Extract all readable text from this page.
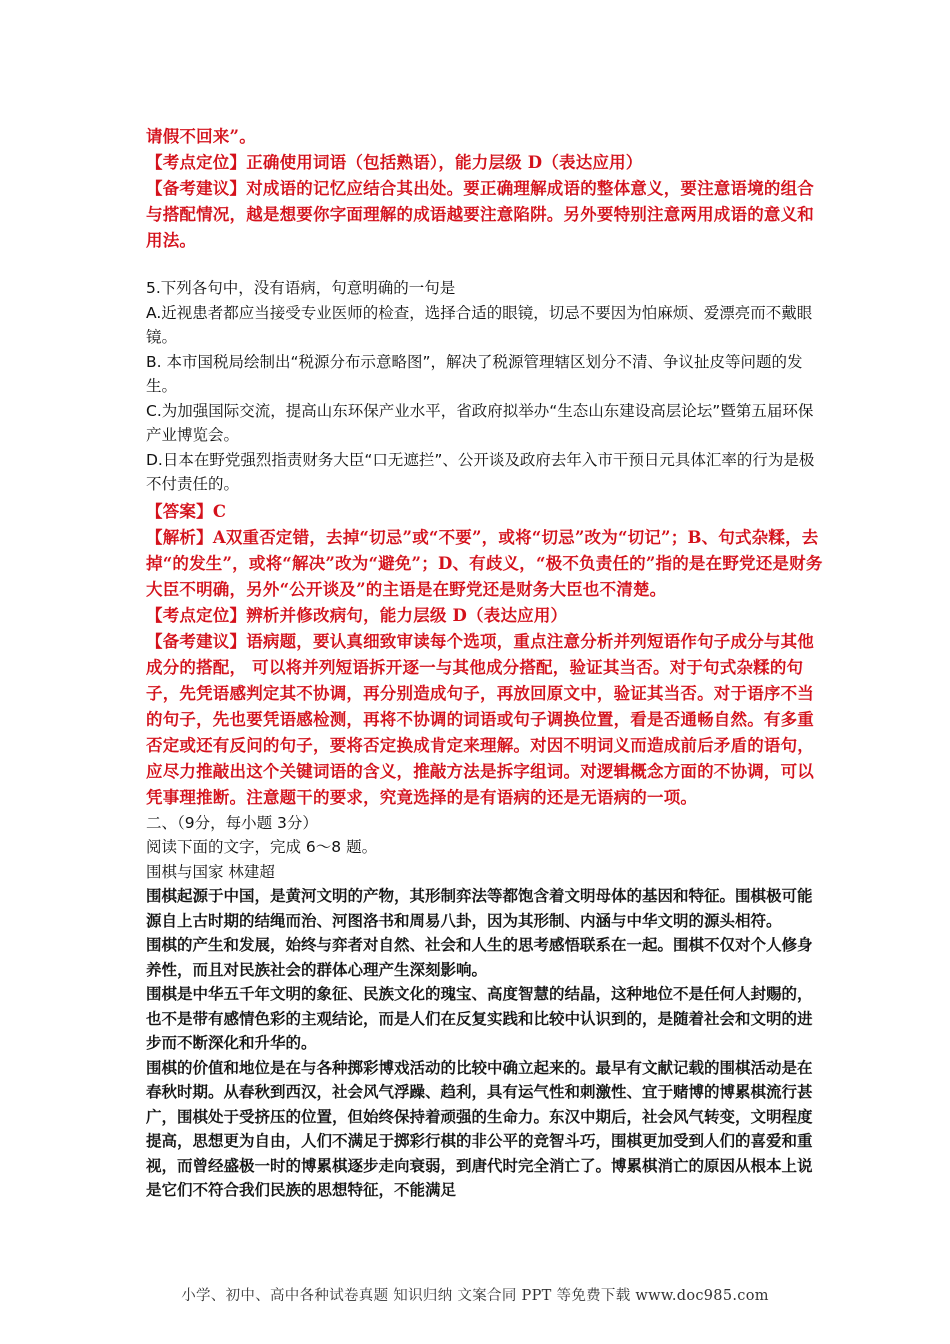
请假不回来”。

【考点定位】正确使用词语（包括熟语），能力层级 D（表达应用）

【备考建议】对成语的记忆应结合其出处。要正确理解成语的整体意义，要注意语境的组合与搭配情况，越是想要你字面理解的成语越要注意陷阱。另外要特别注意两用成语的意义和用法。

5.下列各句中，没有语病，句意明确的一句是

A.近视患者都应当接受专业医师的检查，选择合适的眼镜，切忌不要因为怕麻烦、爱漂亮而不戴眼镜。

B. 本市国税局绘制出“税源分布示意略图”，解决了税源管理辖区划分不清、争议扯皮等问题的发生。

C.为加强国际交流，提高山东环保产业水平，省政府拟举办“生态山东建设高层论坛”暨第五届环保产业博览会。

D.日本在野党强烈指责财务大臣“口无遮拦”、公开谈及政府去年入市干预日元具体汇率的行为是极不付责任的。

【答案】C

【解析】A双重否定错，去掉“切忌”或“不要”，或将“切忌”改为“切记”；B、句式杂糅，去掉“的发生”，或将“解决”改为“避免”；D、有歧义，“极不负责任的”指的是在野党还是财务大臣不明确，另外“公开谈及”的主语是在野党还是财务大臣也不清楚。

【考点定位】辨析并修改病句，能力层级 D（表达应用）

【备考建议】语病题，要认真细致审读每个选项，重点注意分析并列短语作句子成分与其他成分的搭配， 可以将并列短语拆开逐一与其他成分搭配，验证其当否。对于句式杂糅的句子，先凭语感判定其不协调，再分别造成句子，再放回原文中，验证其当否。对于语序不当的句子，先也要凭语感检测，再将不协调的词语或句子调换位置，看是否通畅自然。有多重否定或还有反问的句子，要将否定换成肯定来理解。对因不明词义而造成前后矛盾的语句，应尽力推敲出这个关键词语的含义，推敲方法是拆字组词。对逻辑概念方面的不协调，可以凭事理推断。注意题干的要求，究竟选择的是有语病的还是无语病的一项。

二、（9分，每小题 3分）

阅读下面的文字，完成 6～8 题。

围棋与国家 林建超

围棋起源于中国，是黄河文明的产物，其形制弈法等都饱含着文明母体的基因和特征。围棋极可能源自上古时期的结绳而治、河图洛书和周易八卦，因为其形制、内涵与中华文明的源头相符。

围棋的产生和发展，始终与弈者对自然、社会和人生的思考感悟联系在一起。围棋不仅对个人修身养性，而且对民族社会的群体心理产生深刻影响。

围棋是中华五千年文明的象征、民族文化的瑰宝、高度智慧的结晶，这种地位不是任何人封赐的，也不是带有感情色彩的主观结论，而是人们在反复实践和比较中认识到的，是随着社会和文明的进步而不断深化和升华的。

围棋的价值和地位是在与各种掷彩博戏活动的比较中确立起来的。最早有文献记载的围棋活动是在春秋时期。从春秋到西汉，社会风气浮躁、趋利，具有运气性和刺激性、宜于赌博的博累棋流行甚广，围棋处于受挤压的位置，但始终保持着顽强的生命力。东汉中期后，社会风气转变，文明程度提高，思想更为自由，人们不满足于掷彩行棋的非公平的竞智斗巧，围棋更加受到人们的喜爱和重视，而曾经盛极一时的博累棋逐步走向衰弱，到唐代时完全消亡了。博累棋消亡的原因从根本上说是它们不符合我们民族的思想特征，不能满足

小学、初中、高中各种试卷真题 知识归纳 文案合同 PPT 等免费下载 www.doc985.com
